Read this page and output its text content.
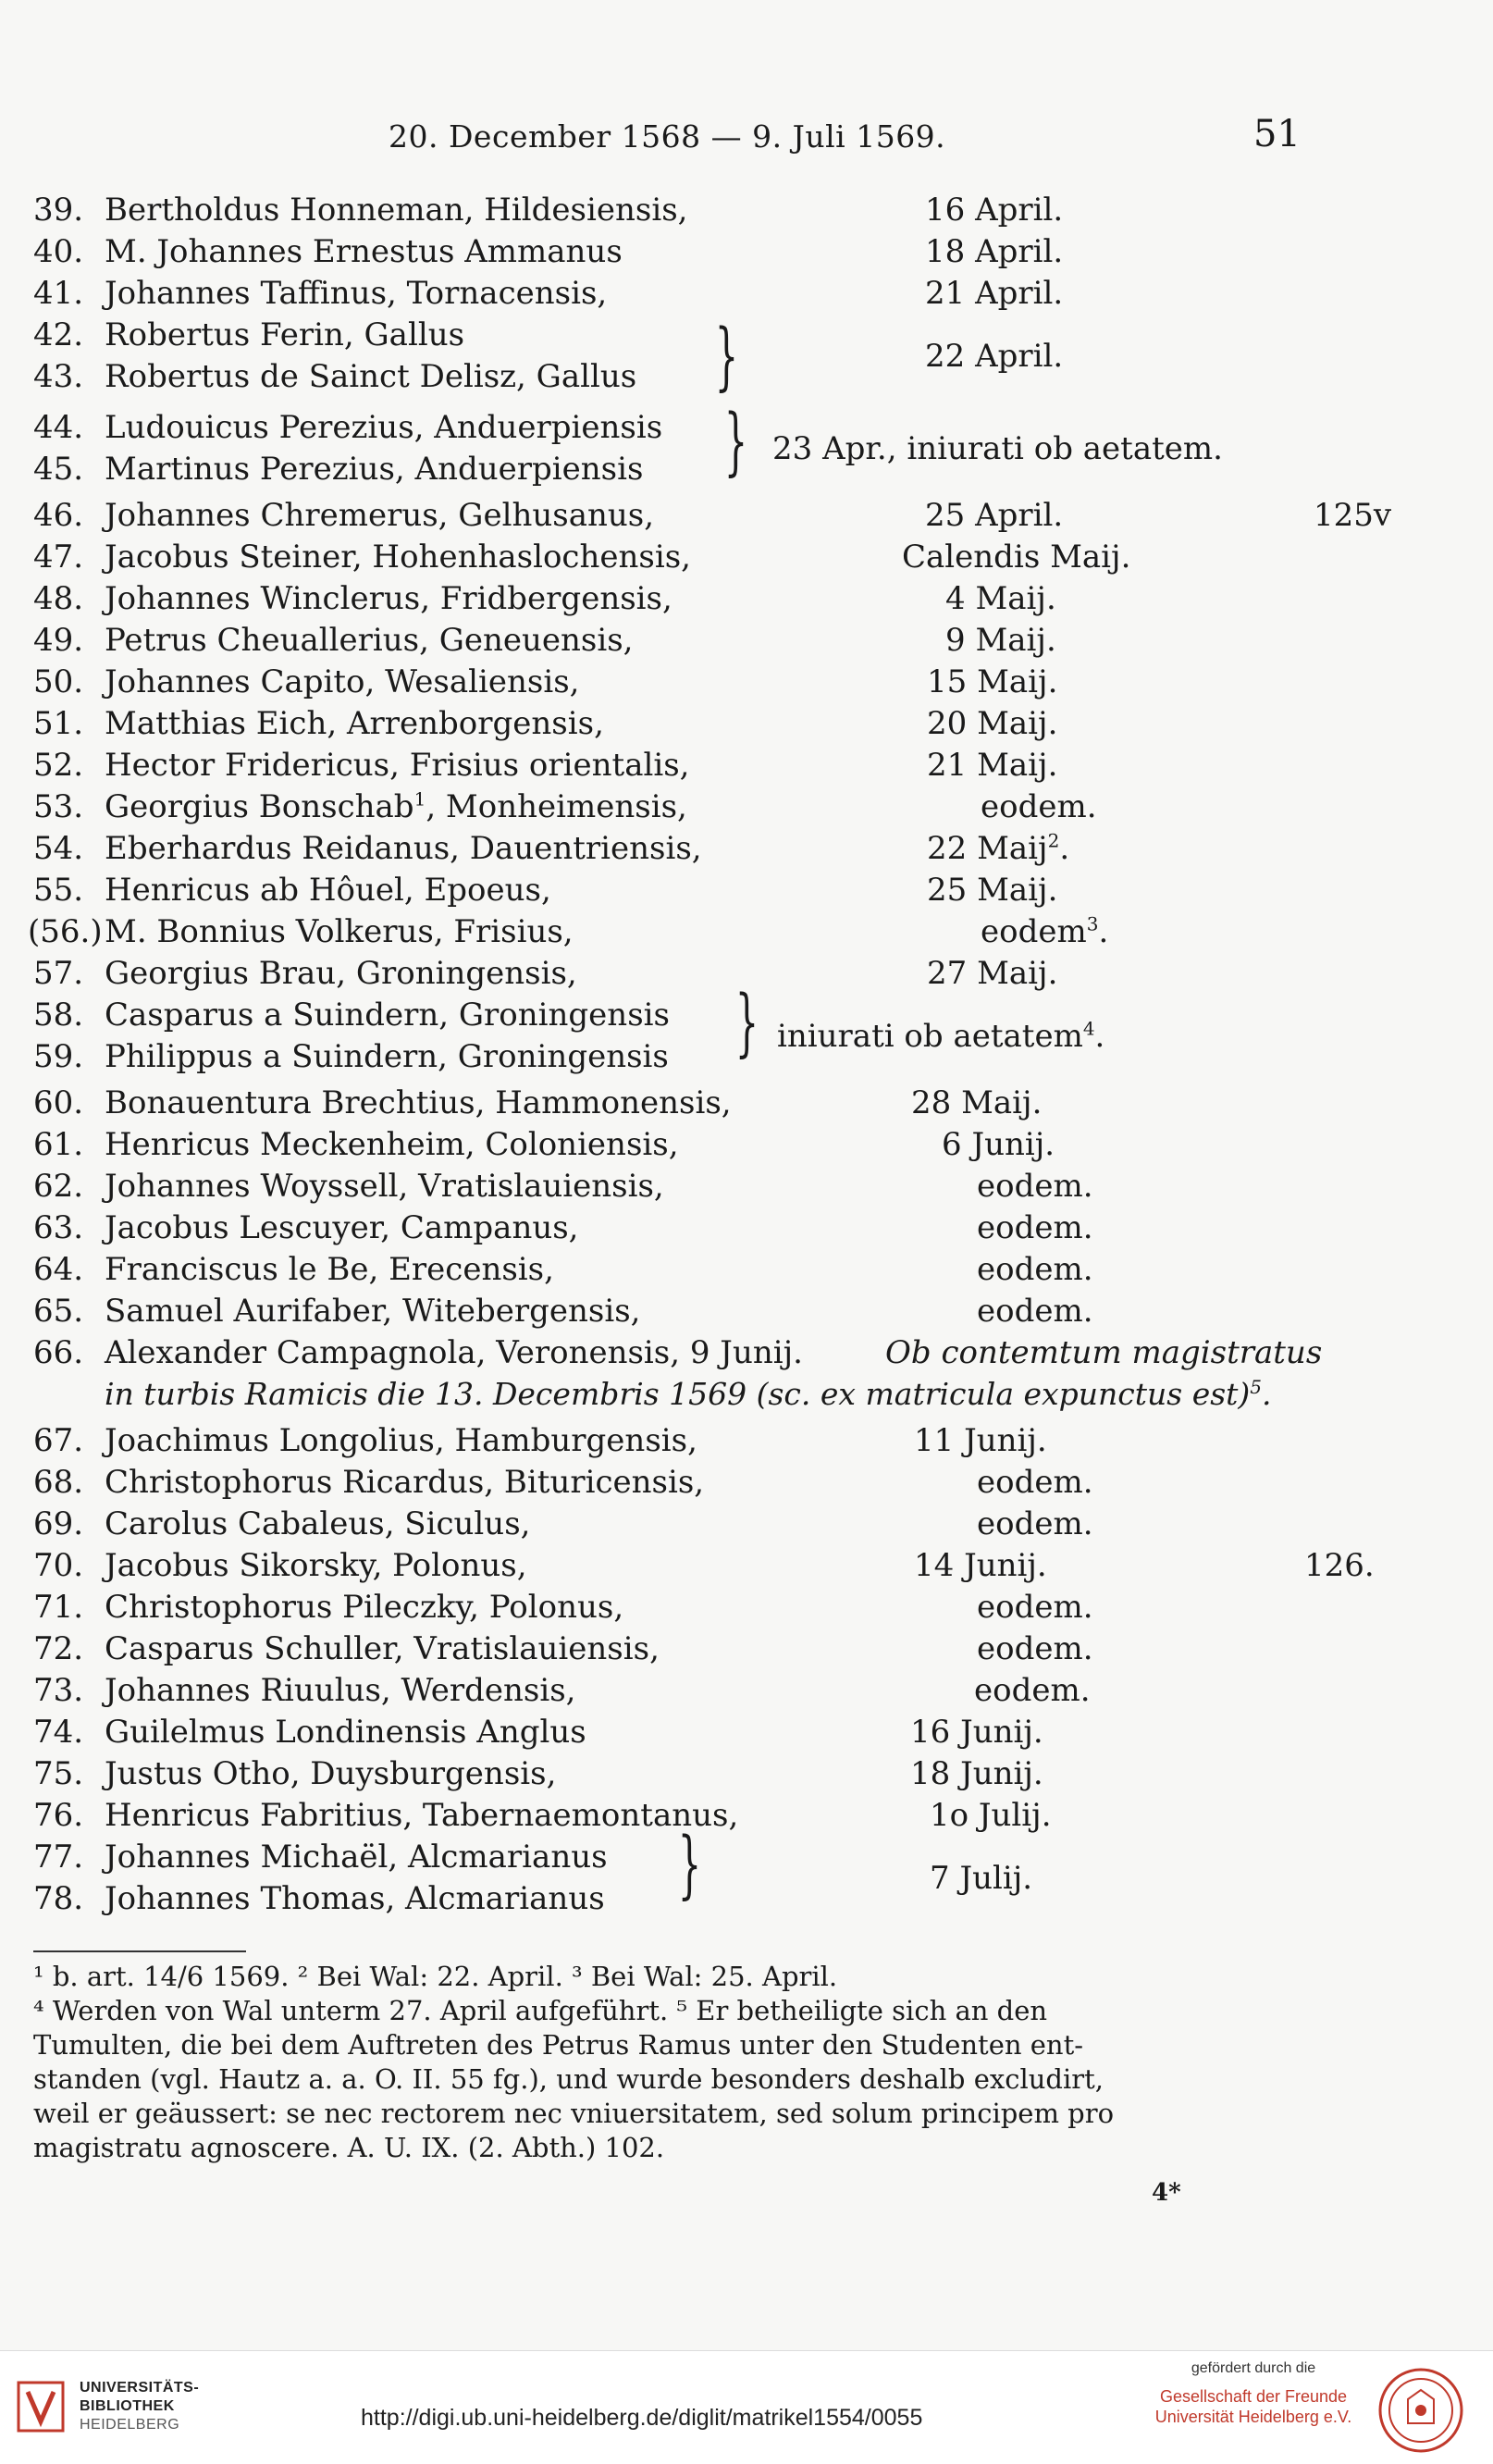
20. December 1568 — 9. Juli 1569.	51
39. Bertholdus Honneman, Hildesiensis,	16 April.
40. M. Johannes Ernestus Ammanus	18 April.
41. Johannes Taffinus, Tornacensis,	21 April.
42. Robertus Ferin, Gallus
43. Robertus de Sainct Delisz, Gallus }	22 April.
44. Ludouicus Perezius, Anduerpiensis
45. Martinus Perezius, Anduerpiensis } 23 Apr., iniurati ob aetatem.
46. Johannes Chremerus, Gelhusanus,	25 April.	125v
47. Jacobus Steiner, Hohenhaslochensis,	Calendis Maij.
48. Johannes Winclerus, Fridbergensis,	4 Maij.
49. Petrus Cheuallerius, Geneuensis,	9 Maij.
50. Johannes Capito, Wesaliensis,	15 Maij.
51. Matthias Eich, Arrenborgensis,	20 Maij.
52. Hector Fridericus, Frisius orientalis,	21 Maij.
53. Georgius Bonschab$^1$, Monheimensis,	eodem.
54. Eberhardus Reidanus, Dauentriensis,	22 Maij$^2$.
55. Henricus ab Hôuel, Epoeus,	25 Maij.
(56.) M. Bonnius Volkerus, Frisius,	eodem$^3$.
57. Georgius Brau, Groningensis,	27 Maij.
58. Casparus a Suindern, Groningensis
59. Philippus a Suindern, Groningensis } iniurati ob aetatem$^4$.
60. Bonauentura Brechtius, Hammonensis,	28 Maij.
61. Henricus Meckenheim, Coloniensis,	6 Junij.
62. Johannes Woyssell, Vratislauiensis,	eodem.
63. Jacobus Lescuyer, Campanus,	eodem.
64. Franciscus le Be, Erecensis,	eodem.
65. Samuel Aurifaber, Witebergensis,	eodem.
66. Alexander Campagnola, Veronensis, 9 Junij.	Ob contemtum magistratus
in turbis Ramicis die 13. Decembris 1569 (sc. ex matricula expunctus est)$^5$.
67. Joachimus Longolius, Hamburgensis,	11 Junij.
68. Christophorus Ricardus, Bituricensis,	eodem.
69. Carolus Cabaleus, Siculus,	eodem.
70. Jacobus Sikorsky, Polonus,	14 Junij.	126.
71. Christophorus Pileczky, Polonus,	eodem.
72. Casparus Schuller, Vratislauiensis,	eodem.
73. Johannes Riuulus, Werdensis,	eodem.
74. Guilelmus Londinensis Anglus	16 Junij.
75. Justus Otho, Duysburgensis,	18 Junij.
76. Henricus Fabritius, Tabernaemontanus,	1o Julij.
77. Johannes Michaël, Alcmarianus
78. Johannes Thomas, Alcmarianus }	7 Julij.
¹ b. art. 14/6 1569. ² Bei Wal: 22. April. ³ Bei Wal: 25. April.
⁴ Werden von Wal unterm 27. April aufgeführt. ⁵ Er betheiligte sich an den
Tumulten, die bei dem Auftreten des Petrus Ramus unter den Studenten ent-
standen (vgl. Hautz a. a. O. II. 55 fg.), und wurde besonders deshalb excludirt,
weil er geäussert: se nec rectorem nec vniuersitatem, sed solum principem pro
magistratu agnoscere. A. U. IX. (2. Abth.) 102.
4*
UNIVERSITÄTS-
BIBLIOTHEK
HEIDELBERG	http://digi.ub.uni-heidelberg.de/diglit/matrikel1554/0055
gefördert durch die
Gesellschaft der Freunde
Universität Heidelberg e.V.
